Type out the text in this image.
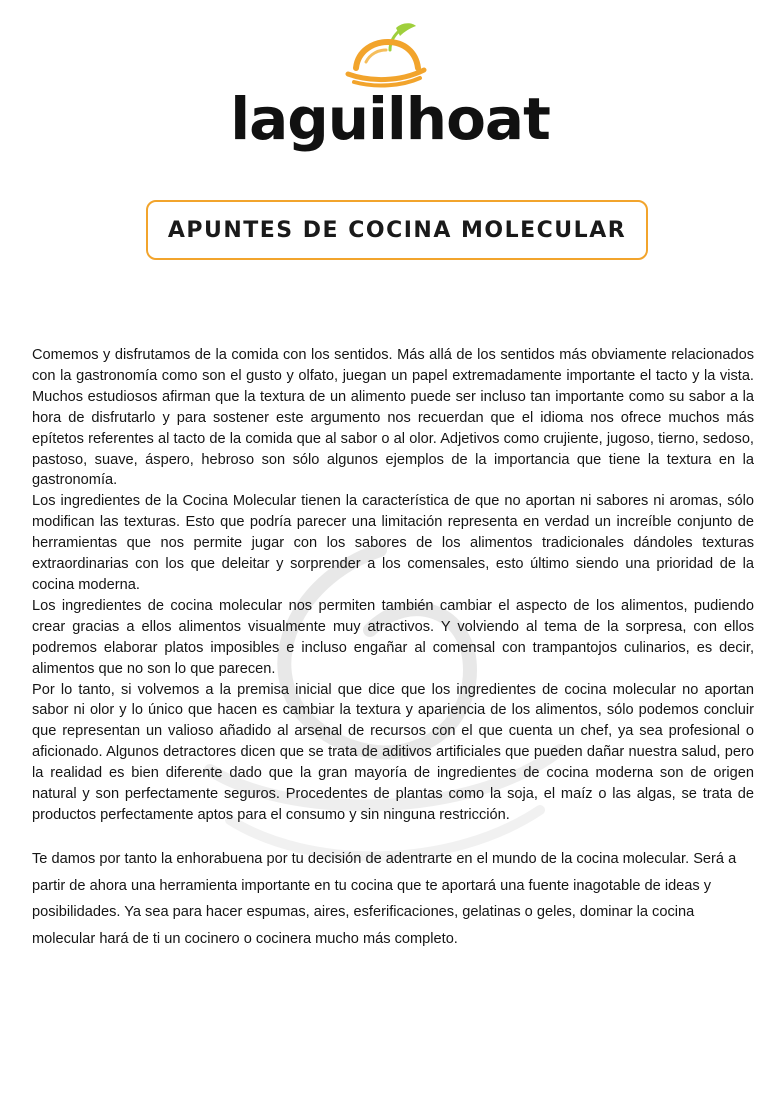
laguilhoat
APUNTES DE COCINA MOLECULAR

Comemos y disfrutamos de la comida con los sentidos. Más allá de los sentidos más obviamente relacionados con la gastronomía como son el gusto y olfato, juegan un papel extremadamente importante el tacto y la vista. Muchos estudiosos afirman que la textura de un alimento puede ser incluso tan importante como su sabor a la hora de disfrutarlo y para sostener este argumento nos recuerdan que el idioma nos ofrece muchos más epítetos referentes al tacto de la comida que al sabor o al olor. Adjetivos como crujiente, jugoso, tierno, sedoso, pastoso, suave, áspero, hebroso son sólo algunos ejemplos de la importancia que tiene la textura en la gastronomía.

Los ingredientes de la Cocina Molecular tienen la característica de que no aportan ni sabores ni aromas, sólo modifican las texturas. Esto que podría parecer una limitación representa en verdad un increíble conjunto de herramientas que nos permite jugar con los sabores de los alimentos tradicionales dándoles texturas extraordinarias con los que deleitar y sorprender a los comensales, esto último siendo una prioridad de la cocina moderna.

Los ingredientes de cocina molecular nos permiten también cambiar el aspecto de los alimentos, pudiendo crear gracias a ellos alimentos visualmente muy atractivos. Y volviendo al tema de la sorpresa, con ellos podremos elaborar platos imposibles e incluso engañar al comensal con trampantojos culinarios, es decir, alimentos que no son lo que parecen.

Por lo tanto, si volvemos a la premisa inicial que dice que los ingredientes de cocina molecular no aportan sabor ni olor y lo único que hacen es cambiar la textura y apariencia de los alimentos, sólo podemos concluir que representan un valioso añadido al arsenal de recursos con el que cuenta un chef, ya sea profesional o aficionado. Algunos detractores dicen que se trata de aditivos artificiales que pueden dañar nuestra salud, pero la realidad es bien diferente dado que la gran mayoría de ingredientes de cocina moderna son de origen natural y son perfectamente seguros. Procedentes de plantas como la soja, el maíz o las algas, se trata de productos perfectamente aptos para el consumo y sin ninguna restricción.

Te damos por tanto la enhorabuena por tu decisión de adentrarte en el mundo de la cocina molecular. Será a partir de ahora una herramienta importante en tu cocina que te aportará una fuente inagotable de ideas y posibilidades. Ya sea para hacer espumas, aires, esferificaciones, gelatinas o geles, dominar la cocina molecular hará de ti un cocinero o cocinera mucho más completo.
